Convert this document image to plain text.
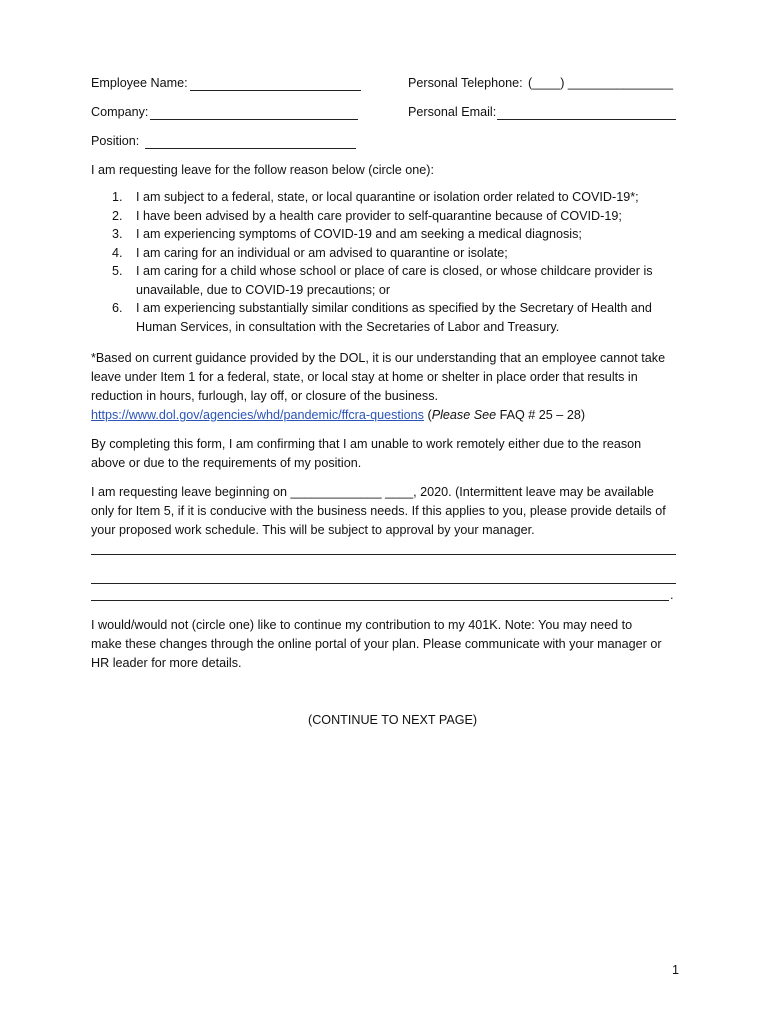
Employee Name:	Personal Telephone: (____) _______________
Company:	Personal Email:
Position:
I am requesting leave for the follow reason below (circle one):
1. I am subject to a federal, state, or local quarantine or isolation order related to COVID-19*;
2. I have been advised by a health care provider to self-quarantine because of COVID-19;
3. I am experiencing symptoms of COVID-19 and am seeking a medical diagnosis;
4. I am caring for an individual or am advised to quarantine or isolate;
5. I am caring for a child whose school or place of care is closed, or whose childcare provider is
unavailable, due to COVID-19 precautions; or
6. I am experiencing substantially similar conditions as specified by the Secretary of Health and
Human Services, in consultation with the Secretaries of Labor and Treasury.
*Based on current guidance provided by the DOL, it is our understanding that an employee cannot take
leave under Item 1 for a federal, state, or local stay at home or shelter in place order that results in
reduction in hours, furlough, lay off, or closure of the business.
https://www.dol.gov/agencies/whd/pandemic/ffcra-questions (Please See FAQ # 25 – 28)
By completing this form, I am confirming that I am unable to work remotely either due to the reason
above or due to the requirements of my position.
I am requesting leave beginning on _____________ ____, 2020. (Intermittent leave may be available
only for Item 5, if it is conducive with the business needs. If this applies to you, please provide details of
your proposed work schedule. This will be subject to approval by your manager.
.
I would/would not (circle one) like to continue my contribution to my 401K. Note: You may need to
make these changes through the online portal of your plan. Please communicate with your manager or
HR leader for more details.
(CONTINUE TO NEXT PAGE)
1
